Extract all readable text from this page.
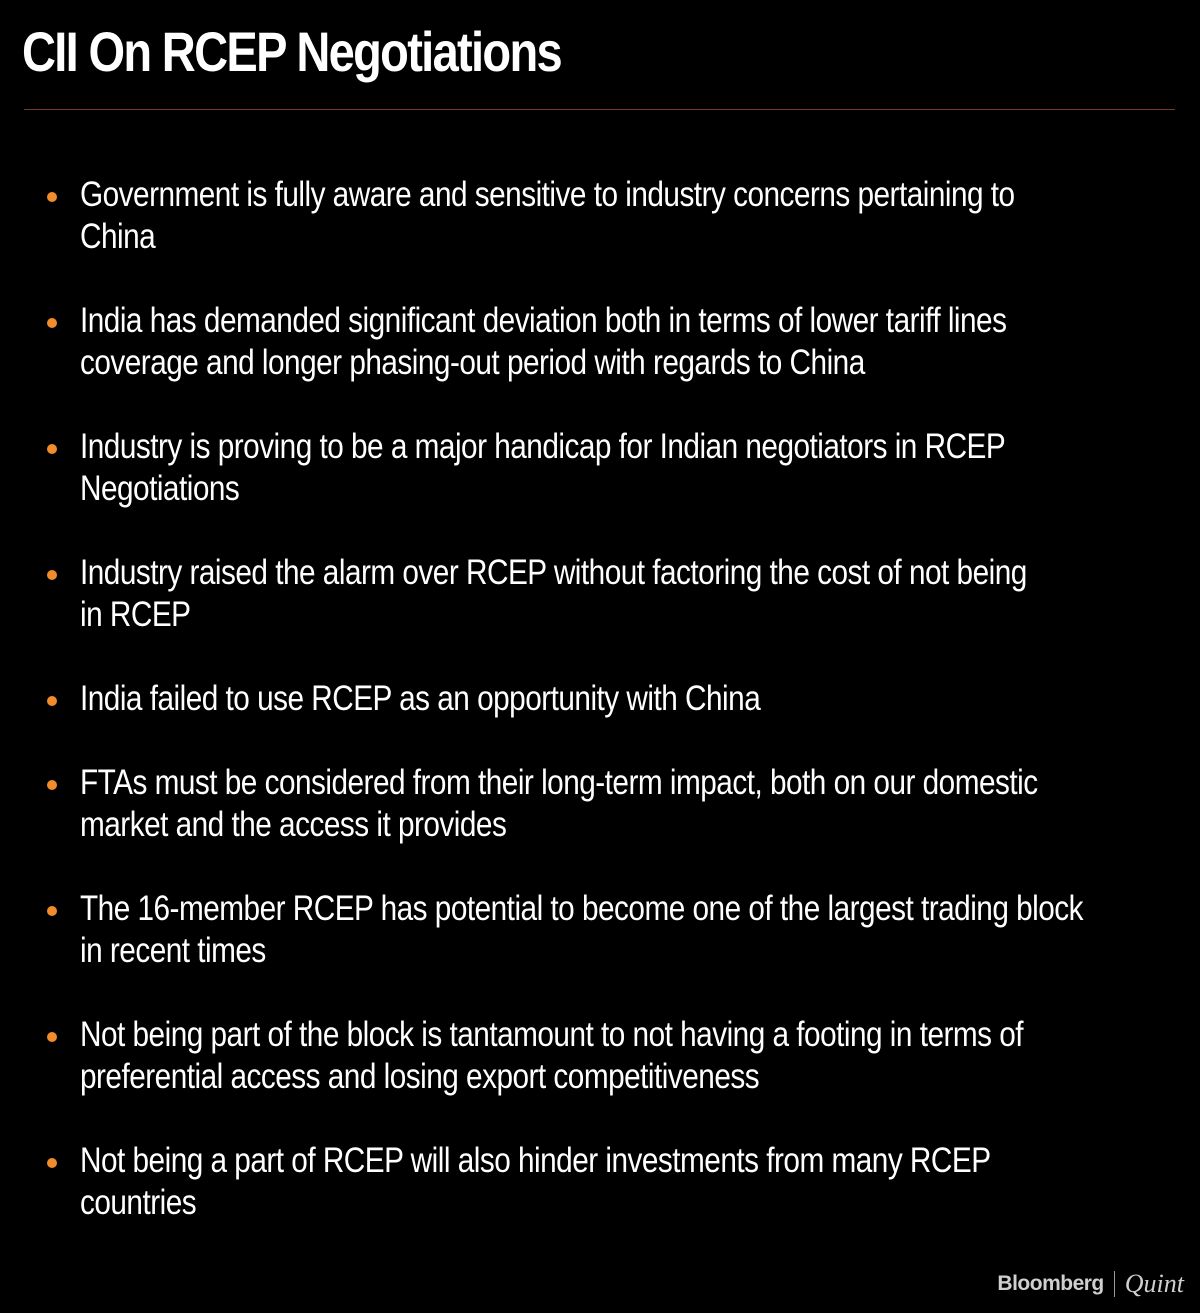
CII On RCEP Negotiations
Government is fully aware and sensitive to industry concerns pertaining to
China
India has demanded significant deviation both in terms of lower tariff lines
coverage and longer phasing-out period with regards to China
Industry is proving to be a major handicap for Indian negotiators in RCEP
Negotiations
Industry raised the alarm over RCEP without factoring the cost of not being
in RCEP
India failed to use RCEP as an opportunity with China
FTAs must be considered from their long-term impact, both on our domestic
market and the access it provides
The 16-member RCEP has potential to become one of the largest trading block
in recent times
Not being part of the block is tantamount to not having a footing in terms of
preferential access and losing export competitiveness
Not being a part of RCEP will also hinder investments from many RCEP
countries
Bloomberg Quint
